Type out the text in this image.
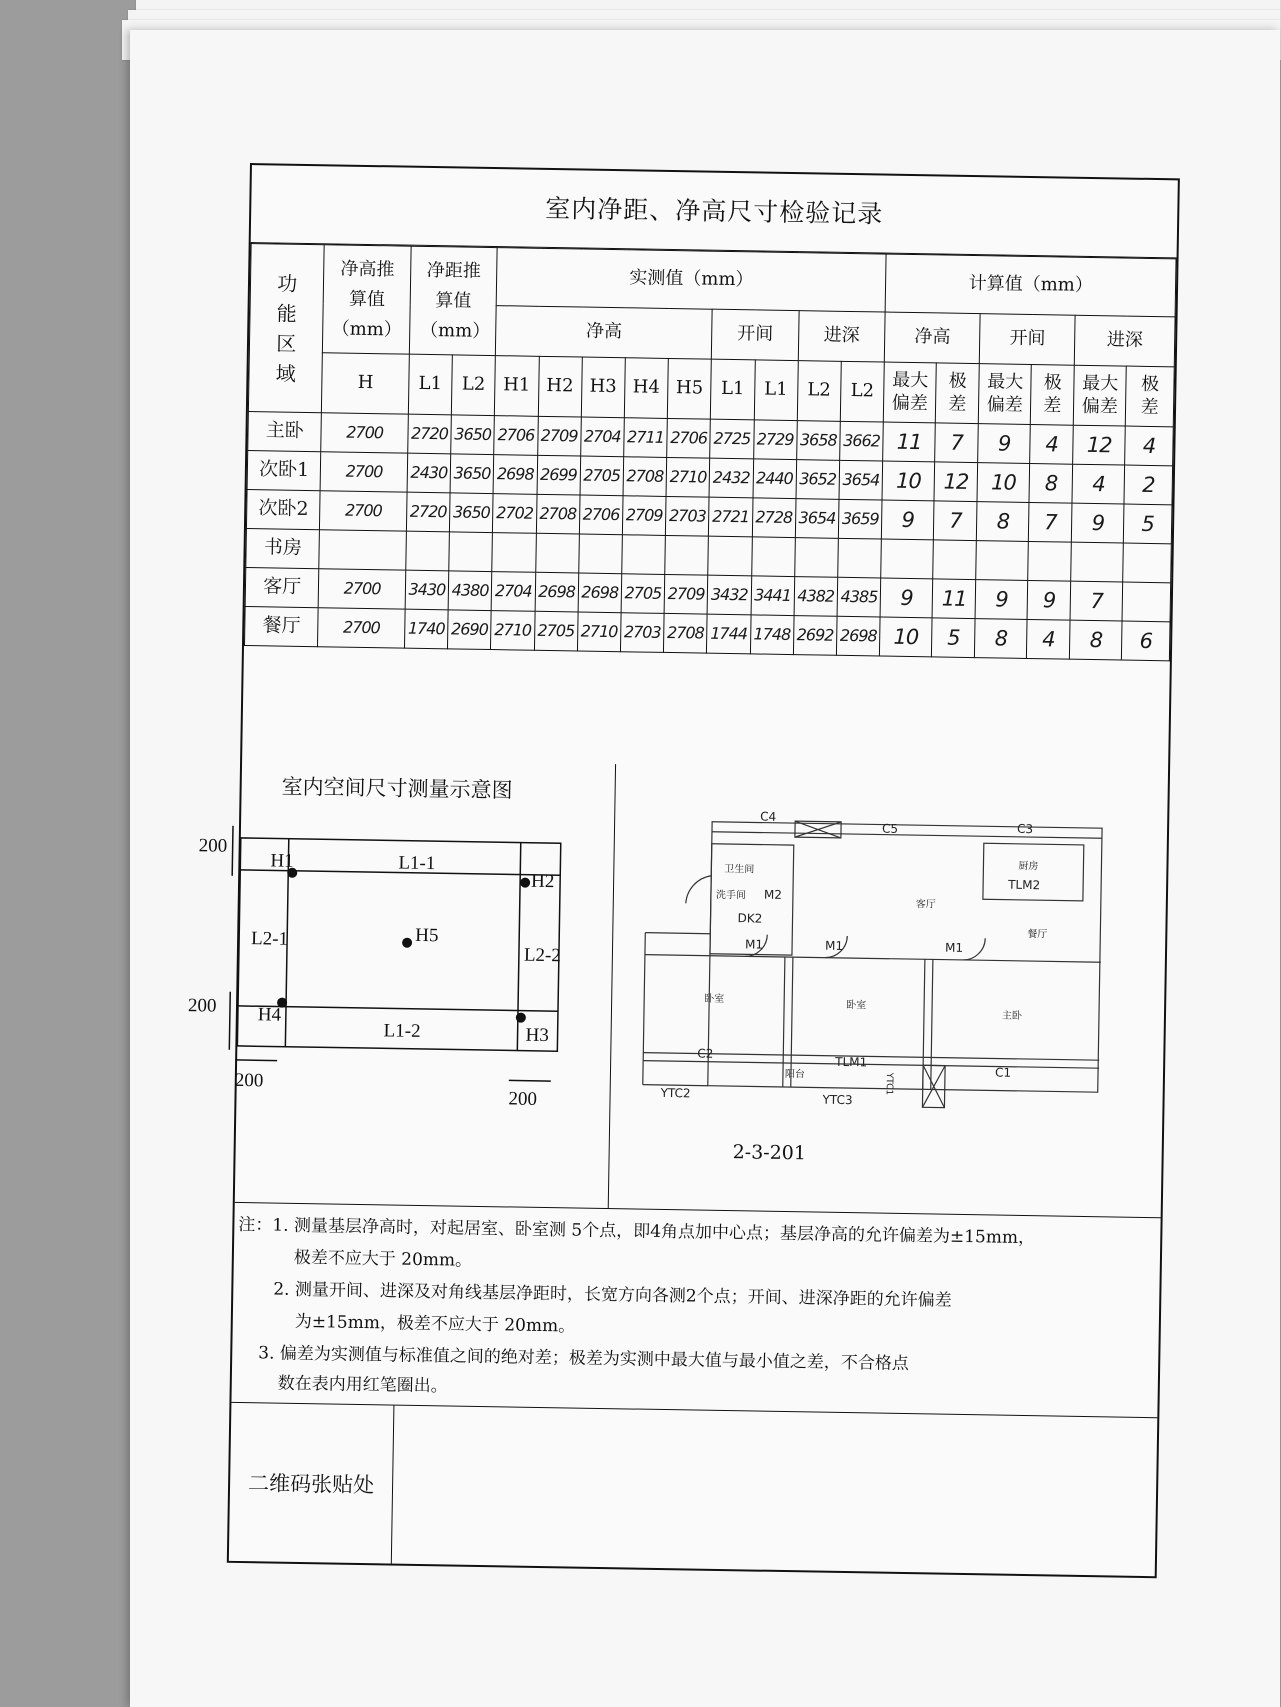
室内净距、净高尺寸检验记录
功能区域	净高推算值（mm）	净距推算值（mm）		实测值（mm）									计算值（mm）					
				净高					开间		进深		净高		开间		进深	
	H	L1	L2	H1	H2	H3	H4	H5	L1	L1	L2	L2	最大偏差	极差	最大偏差	极差	最大偏差	极差
主卧	2700	2720	3650	2706	2709	2704	2711	2706	2725	2729	3658	3662	11	7	9	4	12	4
次卧1	2700	2430	3650	2698	2699	2705	2708	2710	2432	2440	3652	3654	10	12	10	8	4	2
次卧2	2700	2720	3650	2702	2708	2706	2709	2703	2721	2728	3654	3659	9	7	8	7	9	5
书房																		
客厅	2700	3430	4380	2704	2698	2698	2705	2709	3432	3441	4382	4385	9	11	9	9	7	
餐厅	2700	1740	2690	2710	2705	2710	2703	2708	1744	1748	2692	2698	10	5	8	4	8	6
室内空间尺寸测量示意图
200
200
200
200
H1
H2
H3
H4
H5
L1-1
L1-2
L2-1
L2-2
C4
C5	C3
卫生间
洗手间 M2
DK2
客厅
厨房
TLM2
餐厅
M1	M1	M1
卧室
卧室
主卧
C2
阳台
TLM1
YTC1
C1
YTC2	YTC3
2-3-201

注：1. 测量基层净高时，对起居室、卧室测 5个点，即4角点加中心点；基层净高的允许偏差为±15mm，

极差不应大于 20mm。

2. 测量开间、进深及对角线基层净距时，长宽方向各测2个点；开间、进深净距的允许偏差

为±15mm，极差不应大于 20mm。

3. 偏差为实测值与标准值之间的绝对差；极差为实测中最大值与最小值之差，不合格点

数在表内用红笔圈出。

二维码张贴处
